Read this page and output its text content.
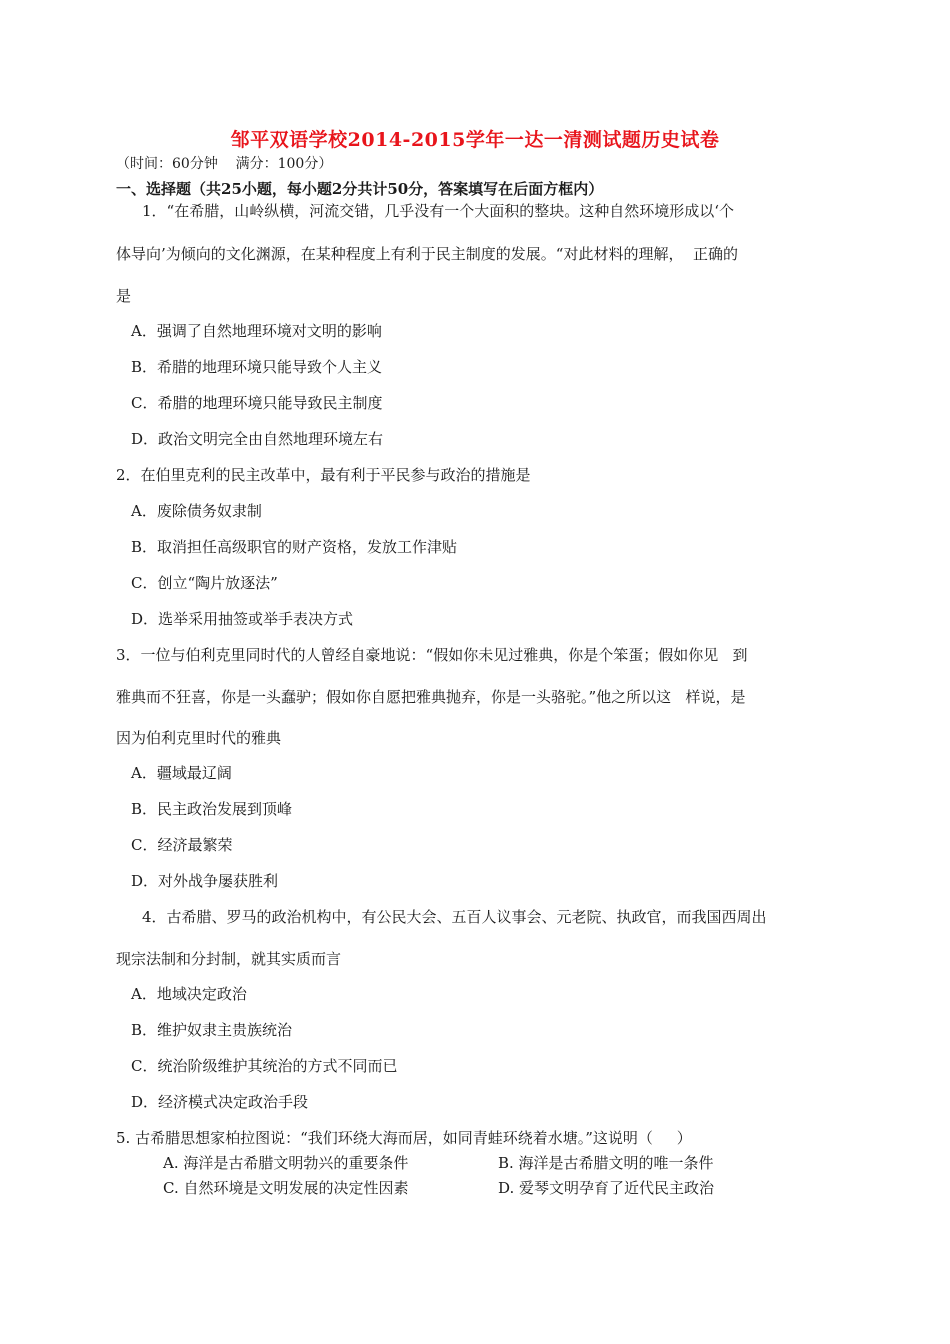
邹平双语学校2014-2015学年一达一清测试题历史试卷
（时间：60分钟    满分：100分）
一、选择题（共25小题，每小题2分共计50分，答案填写在后面方框内）
1．“在希腊，山岭纵横，河流交错，几乎没有一个大面积的整块。这种自然环境形成以‘个
体导向’为倾向的文化渊源，在某种程度上有利于民主制度的发展。“对此材料的理解，  正确的
是
A．强调了自然地理环境对文明的影响
B．希腊的地理环境只能导致个人主义
C．希腊的地理环境只能导致民主制度
D．政治文明完全由自然地理环境左右
2．在伯里克利的民主改革中，最有利于平民参与政治的措施是
A．废除债务奴隶制
B．取消担任高级职官的财产资格，发放工作津贴
C．创立“陶片放逐法”
D．选举采用抽签或举手表决方式
3．一位与伯利克里同时代的人曾经自豪地说：“假如你未见过雅典，你是个笨蛋；假如你见   到
雅典而不狂喜，你是一头蠢驴；假如你自愿把雅典抛弃，你是一头骆驼。”他之所以这   样说，是
因为伯利克里时代的雅典
A．疆域最辽阔
B．民主政治发展到顶峰
C．经济最繁荣
D．对外战争屡获胜利
4．古希腊、罗马的政治机构中，有公民大会、五百人议事会、元老院、执政官，而我国西周出
现宗法制和分封制，就其实质而言
A．地域决定政治
B．维护奴隶主贵族统治
C．统治阶级维护其统治的方式不同而已
D．经济模式决定政治手段
5. 古希腊思想家柏拉图说：“我们环绕大海而居，如同青蛙环绕着水塘。”这说明（     ）
A. 海洋是古希腊文明勃兴的重要条件	B. 海洋是古希腊文明的唯一条件
C. 自然环境是文明发展的决定性因素	D. 爱琴文明孕育了近代民主政治
